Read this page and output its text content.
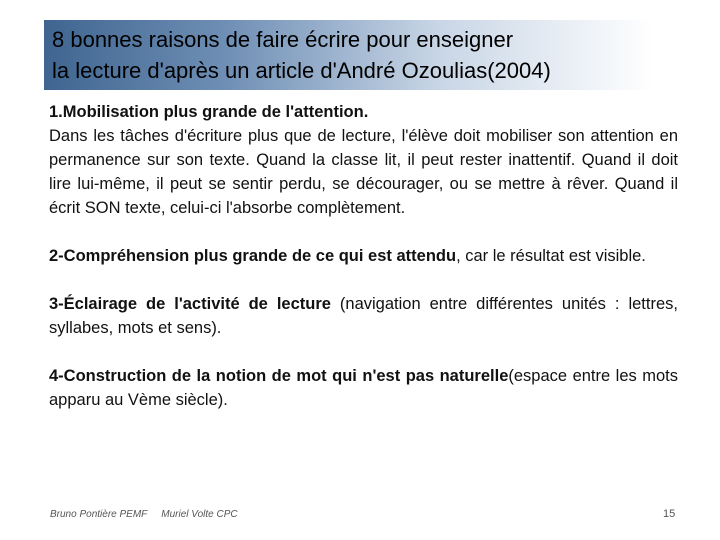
8 bonnes raisons de faire écrire pour enseigner
la lecture d'après un article d'André Ozoulias(2004)

1.Mobilisation plus grande de l'attention.
Dans les tâches d'écriture plus que de lecture, l'élève doit mobiliser son attention en permanence sur son texte. Quand la classe lit, il peut rester inattentif. Quand il doit lire lui-même, il peut se sentir perdu, se décourager, ou se mettre à rêver. Quand il écrit SON texte, celui-ci l'absorbe complètement.

2-Compréhension plus grande de ce qui est attendu, car le résultat est visible.

3-Éclairage de l'activité de lecture (navigation entre différentes unités : lettres, syllabes, mots et sens).

4-Construction de la notion de mot qui n'est pas naturelle(espace entre les mots apparu au Vème siècle).

Bruno Pontière PEMF Muriel Volte CPC	15
